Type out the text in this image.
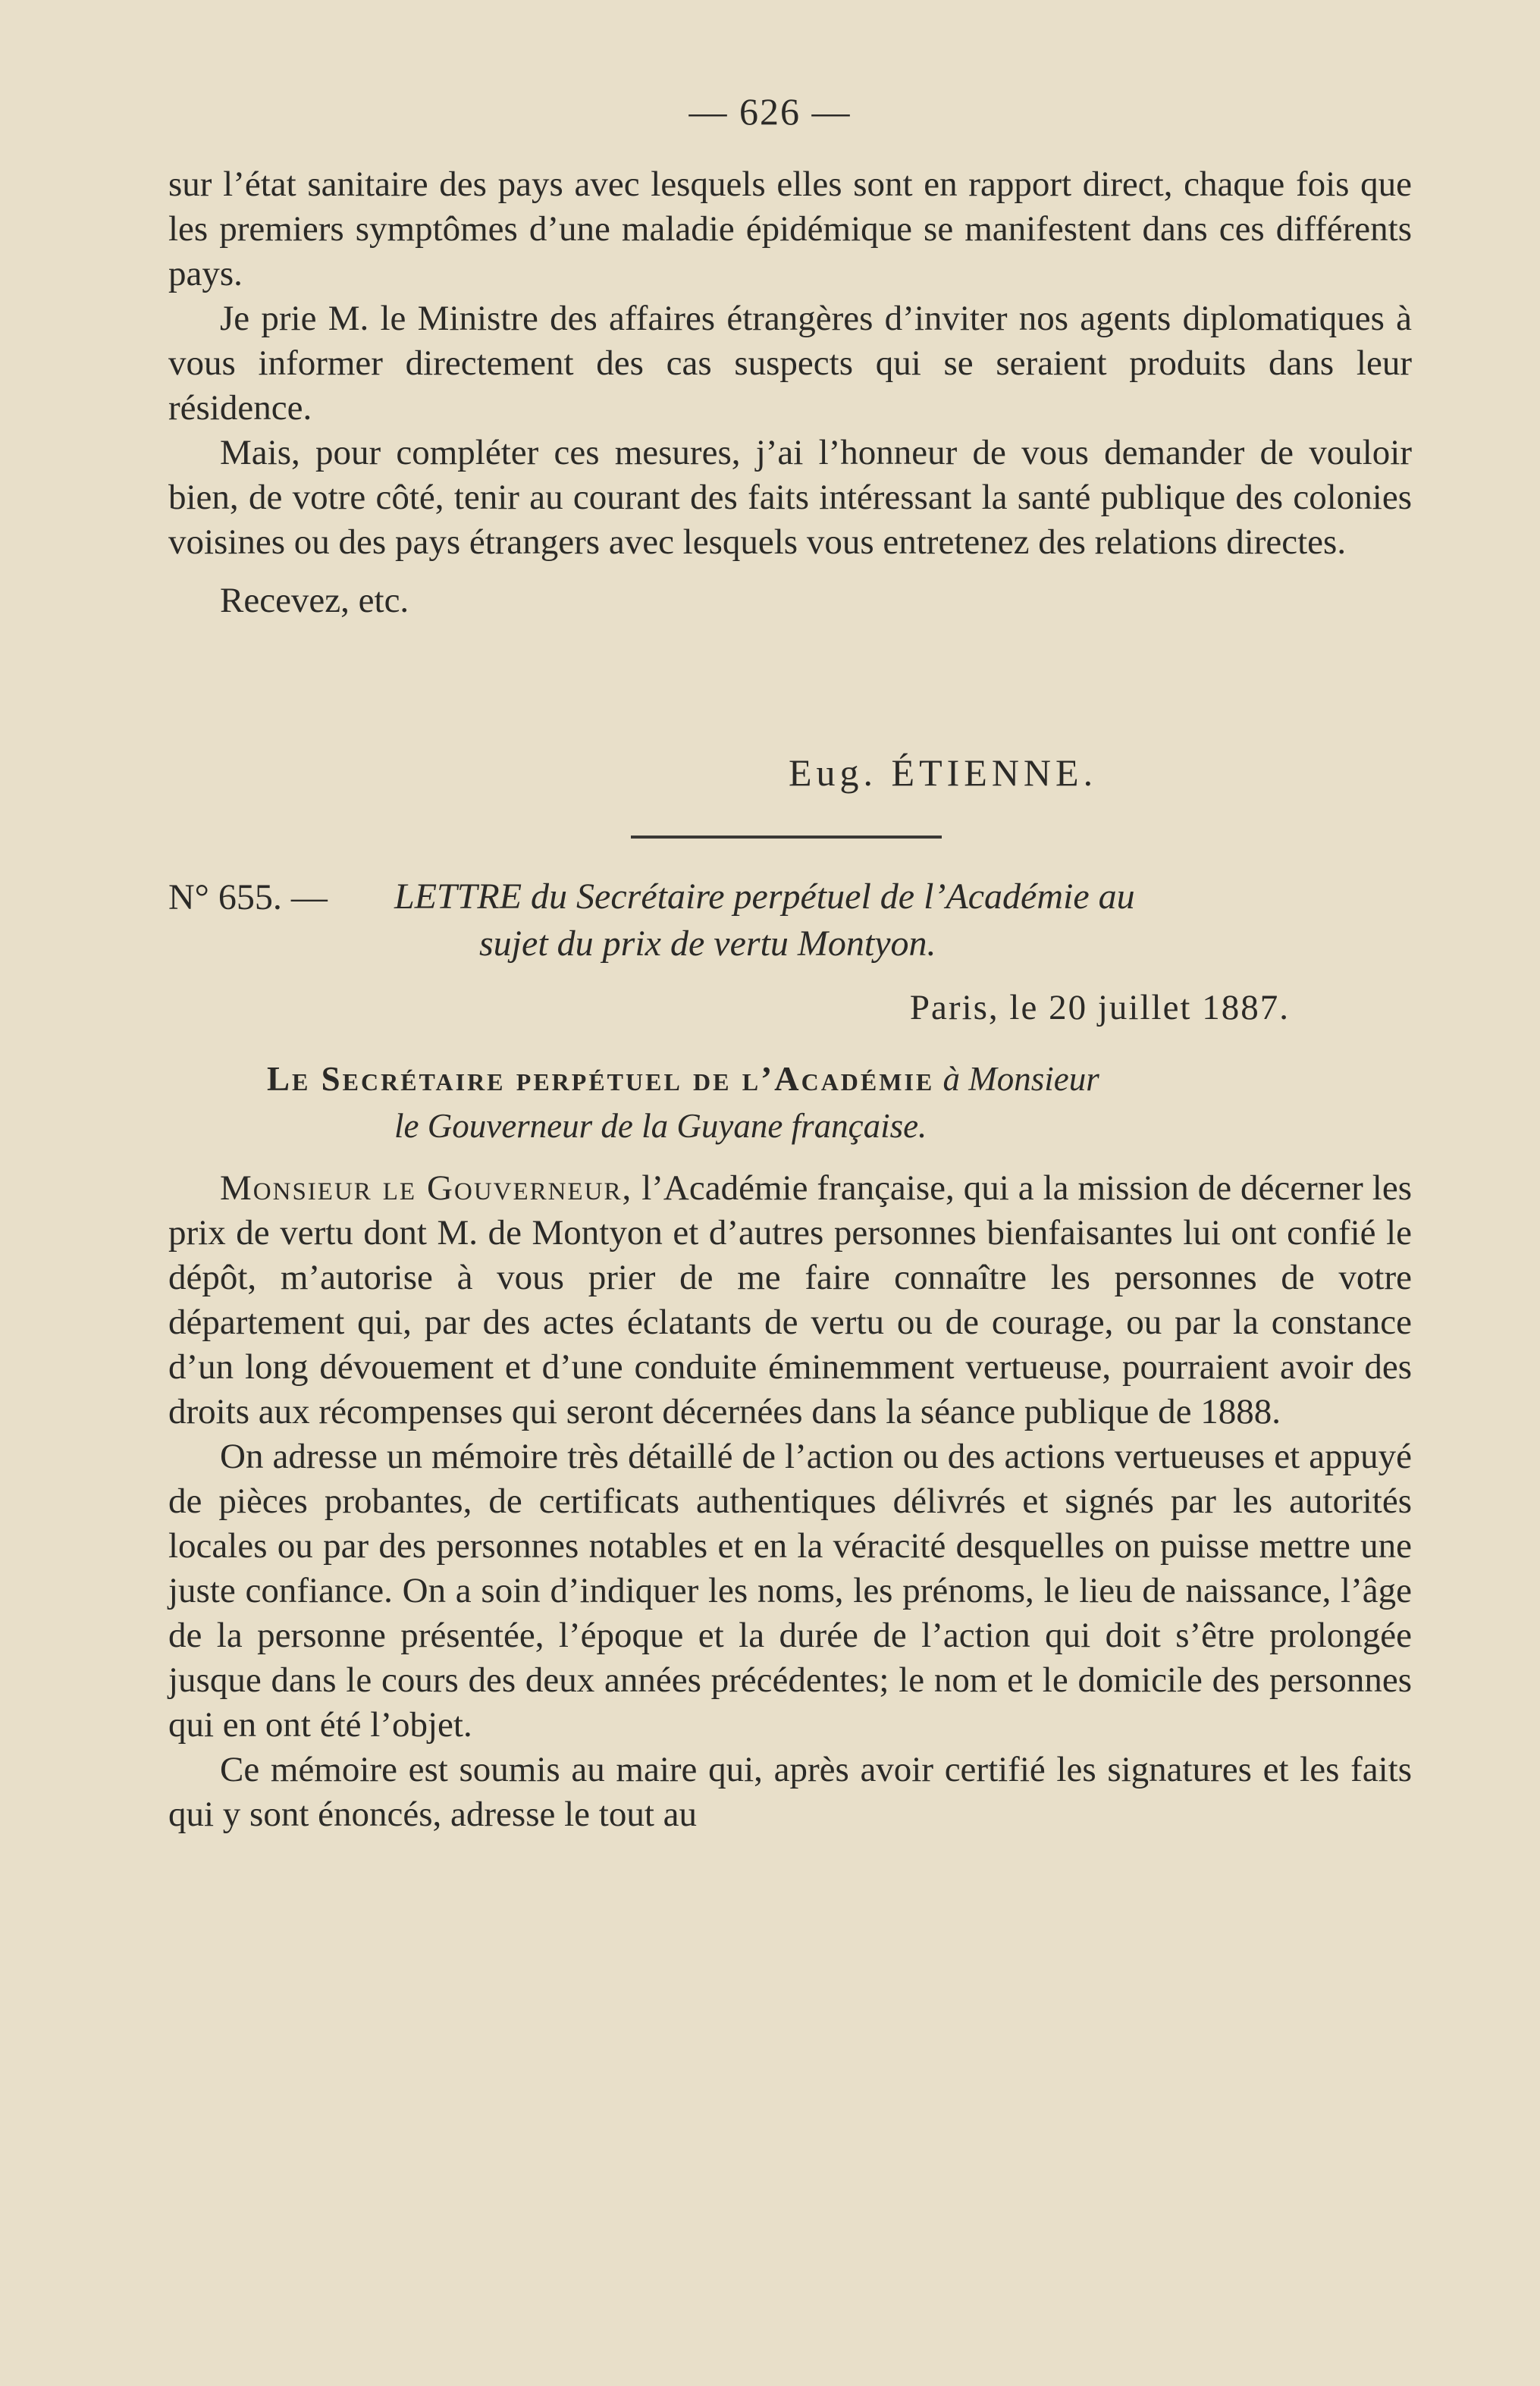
— 626 —

sur l’état sanitaire des pays avec lesquels elles sont en rapport direct, chaque fois que les premiers symptômes d’une maladie épidémique se manifestent dans ces différents pays.

Je prie M. le Ministre des affaires étrangères d’inviter nos agents diplomatiques à vous informer directement des cas suspects qui se seraient produits dans leur résidence.

Mais, pour compléter ces mesures, j’ai l’honneur de vous demander de vouloir bien, de votre côté, tenir au courant des faits intéressant la santé publique des colonies voisines ou des pays étrangers avec lesquels vous entretenez des relations directes.

Recevez, etc.

Eug. ÉTIENNE.
N° 655. — LETTRE du Secrétaire perpétuel de l’Académie au
sujet du prix de vertu Montyon.
Paris, le 20 juillet 1887.
Le Secrétaire perpétuel de l’Académie à Monsieur
le Gouverneur de la Guyane française.

Monsieur le Gouverneur, l’Académie française, qui a la mission de décerner les prix de vertu dont M. de Montyon et d’autres personnes bienfaisantes lui ont confié le dépôt, m’autorise à vous prier de me faire connaître les personnes de votre département qui, par des actes éclatants de vertu ou de courage, ou par la constance d’un long dévouement et d’une conduite éminemment vertueuse, pourraient avoir des droits aux récompenses qui seront décernées dans la séance publique de 1888.

On adresse un mémoire très détaillé de l’action ou des actions vertueuses et appuyé de pièces probantes, de certificats authentiques délivrés et signés par les autorités locales ou par des personnes notables et en la véracité desquelles on puisse mettre une juste confiance. On a soin d’indiquer les noms, les prénoms, le lieu de naissance, l’âge de la personne présentée, l’époque et la durée de l’action qui doit s’être prolongée jusque dans le cours des deux années précédentes; le nom et le domicile des personnes qui en ont été l’objet.

Ce mémoire est soumis au maire qui, après avoir certifié les signatures et les faits qui y sont énoncés, adresse le tout au
